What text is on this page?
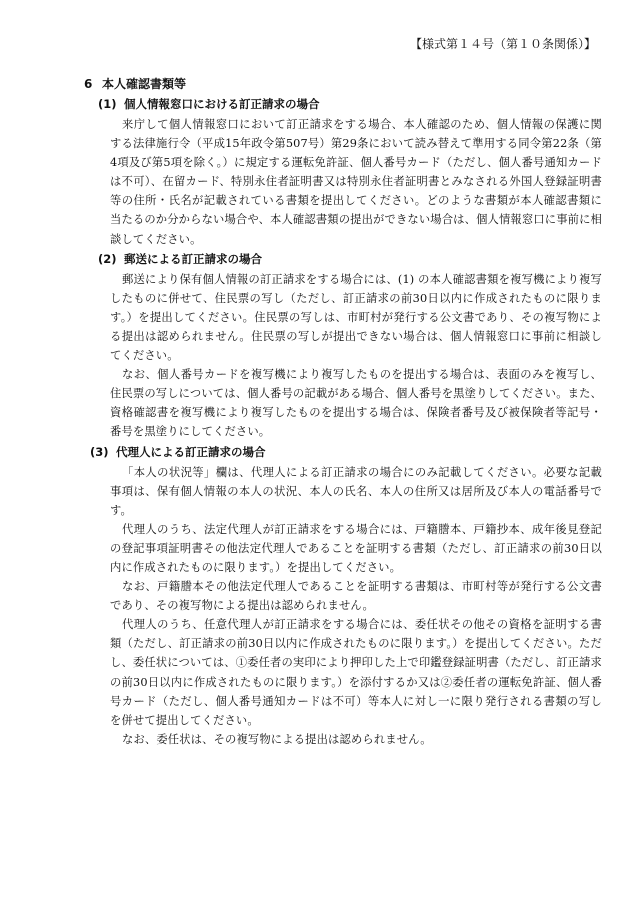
【様式第１４号（第１０条関係）】
6 本人確認書類等
(1) 個人情報窓口における訂正請求の場合

来庁して個人情報窓口において訂正請求をする場合、本人確認のため、個人情報の保護に関する法律施行令（平成15年政令第507号）第29条において読み替えて準用する同令第22条（第4項及び第5項を除く。）に規定する運転免許証、個人番号カード（ただし、個人番号通知カードは不可）、在留カード、特別永住者証明書又は特別永住者証明書とみなされる外国人登録証明書等の住所・氏名が記載されている書類を提出してください。どのような書類が本人確認書類に当たるのか分からない場合や、本人確認書類の提出ができない場合は、個人情報窓口に事前に相談してください。

(2) 郵送による訂正請求の場合

郵送により保有個人情報の訂正請求をする場合には、(1) の本人確認書類を複写機により複写したものに併せて、住民票の写し（ただし、訂正請求の前30日以内に作成されたものに限ります。）を提出してください。住民票の写しは、市町村が発行する公文書であり、その複写物による提出は認められません。住民票の写しが提出できない場合は、個人情報窓口に事前に相談してください。

なお、個人番号カードを複写機により複写したものを提出する場合は、表面のみを複写し、住民票の写しについては、個人番号の記載がある場合、個人番号を黒塗りしてください。また、資格確認書を複写機により複写したものを提出する場合は、保険者番号及び被保険者等記号・番号を黒塗りにしてください。

(3) 代理人による訂正請求の場合

「本人の状況等」欄は、代理人による訂正請求の場合にのみ記載してください。必要な記載事項は、保有個人情報の本人の状況、本人の氏名、本人の住所又は居所及び本人の電話番号です。

代理人のうち、法定代理人が訂正請求をする場合には、戸籍謄本、戸籍抄本、成年後見登記の登記事項証明書その他法定代理人であることを証明する書類（ただし、訂正請求の前30日以内に作成されたものに限ります。）を提出してください。

なお、戸籍謄本その他法定代理人であることを証明する書類は、市町村等が発行する公文書であり、その複写物による提出は認められません。

代理人のうち、任意代理人が訂正請求をする場合には、委任状その他その資格を証明する書類（ただし、訂正請求の前30日以内に作成されたものに限ります。）を提出してください。ただし、委任状については、①委任者の実印により押印した上で印鑑登録証明書（ただし、訂正請求の前30日以内に作成されたものに限ります。）を添付するか又は②委任者の運転免許証、個人番号カード（ただし、個人番号通知カードは不可）等本人に対し一に限り発行される書類の写しを併せて提出してください。

なお、委任状は、その複写物による提出は認められません。
